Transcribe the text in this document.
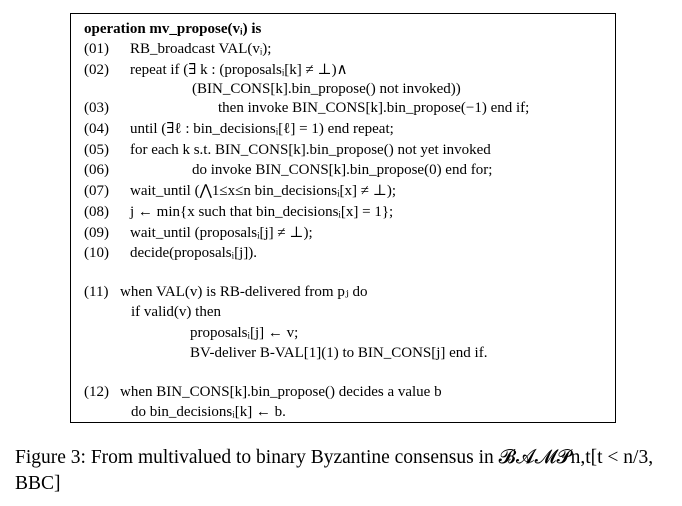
operation mv_propose(vᵢ) is
(01) RB_broadcast VAL(vᵢ);
(02) repeat if (∃ k : (proposalsᵢ[k] ≠ ⊥)∧
(BIN_CONS[k].bin_propose() not invoked))
(03)	then invoke BIN_CONS[k].bin_propose(−1) end if;
(04) until (∃ℓ : bin_decisionsᵢ[ℓ] = 1) end repeat;
(05) for each k s.t. BIN_CONS[k].bin_propose() not yet invoked
(06)	do invoke BIN_CONS[k].bin_propose(0) end for;
(07) wait_until (⋀1≤x≤n bin_decisionsᵢ[x] ≠ ⊥);
(08) j ← min{x such that bin_decisionsᵢ[x] = 1};
(09) wait_until (proposalsᵢ[j] ≠ ⊥);
(10) decide(proposalsᵢ[j]).
(11) when VAL(v) is RB-delivered from pⱼ do
if valid(v) then
proposalsᵢ[j] ← v;
BV-deliver B-VAL[1](1) to BIN_CONS[j] end if.
(12) when BIN_CONS[k].bin_propose() decides a value b
do bin_decisionsᵢ[k] ← b.
Figure 3: From multivalued to binary Byzantine consensus in 𝓑𝓐𝓜𝓟n,t[t < n/3, BBC]
